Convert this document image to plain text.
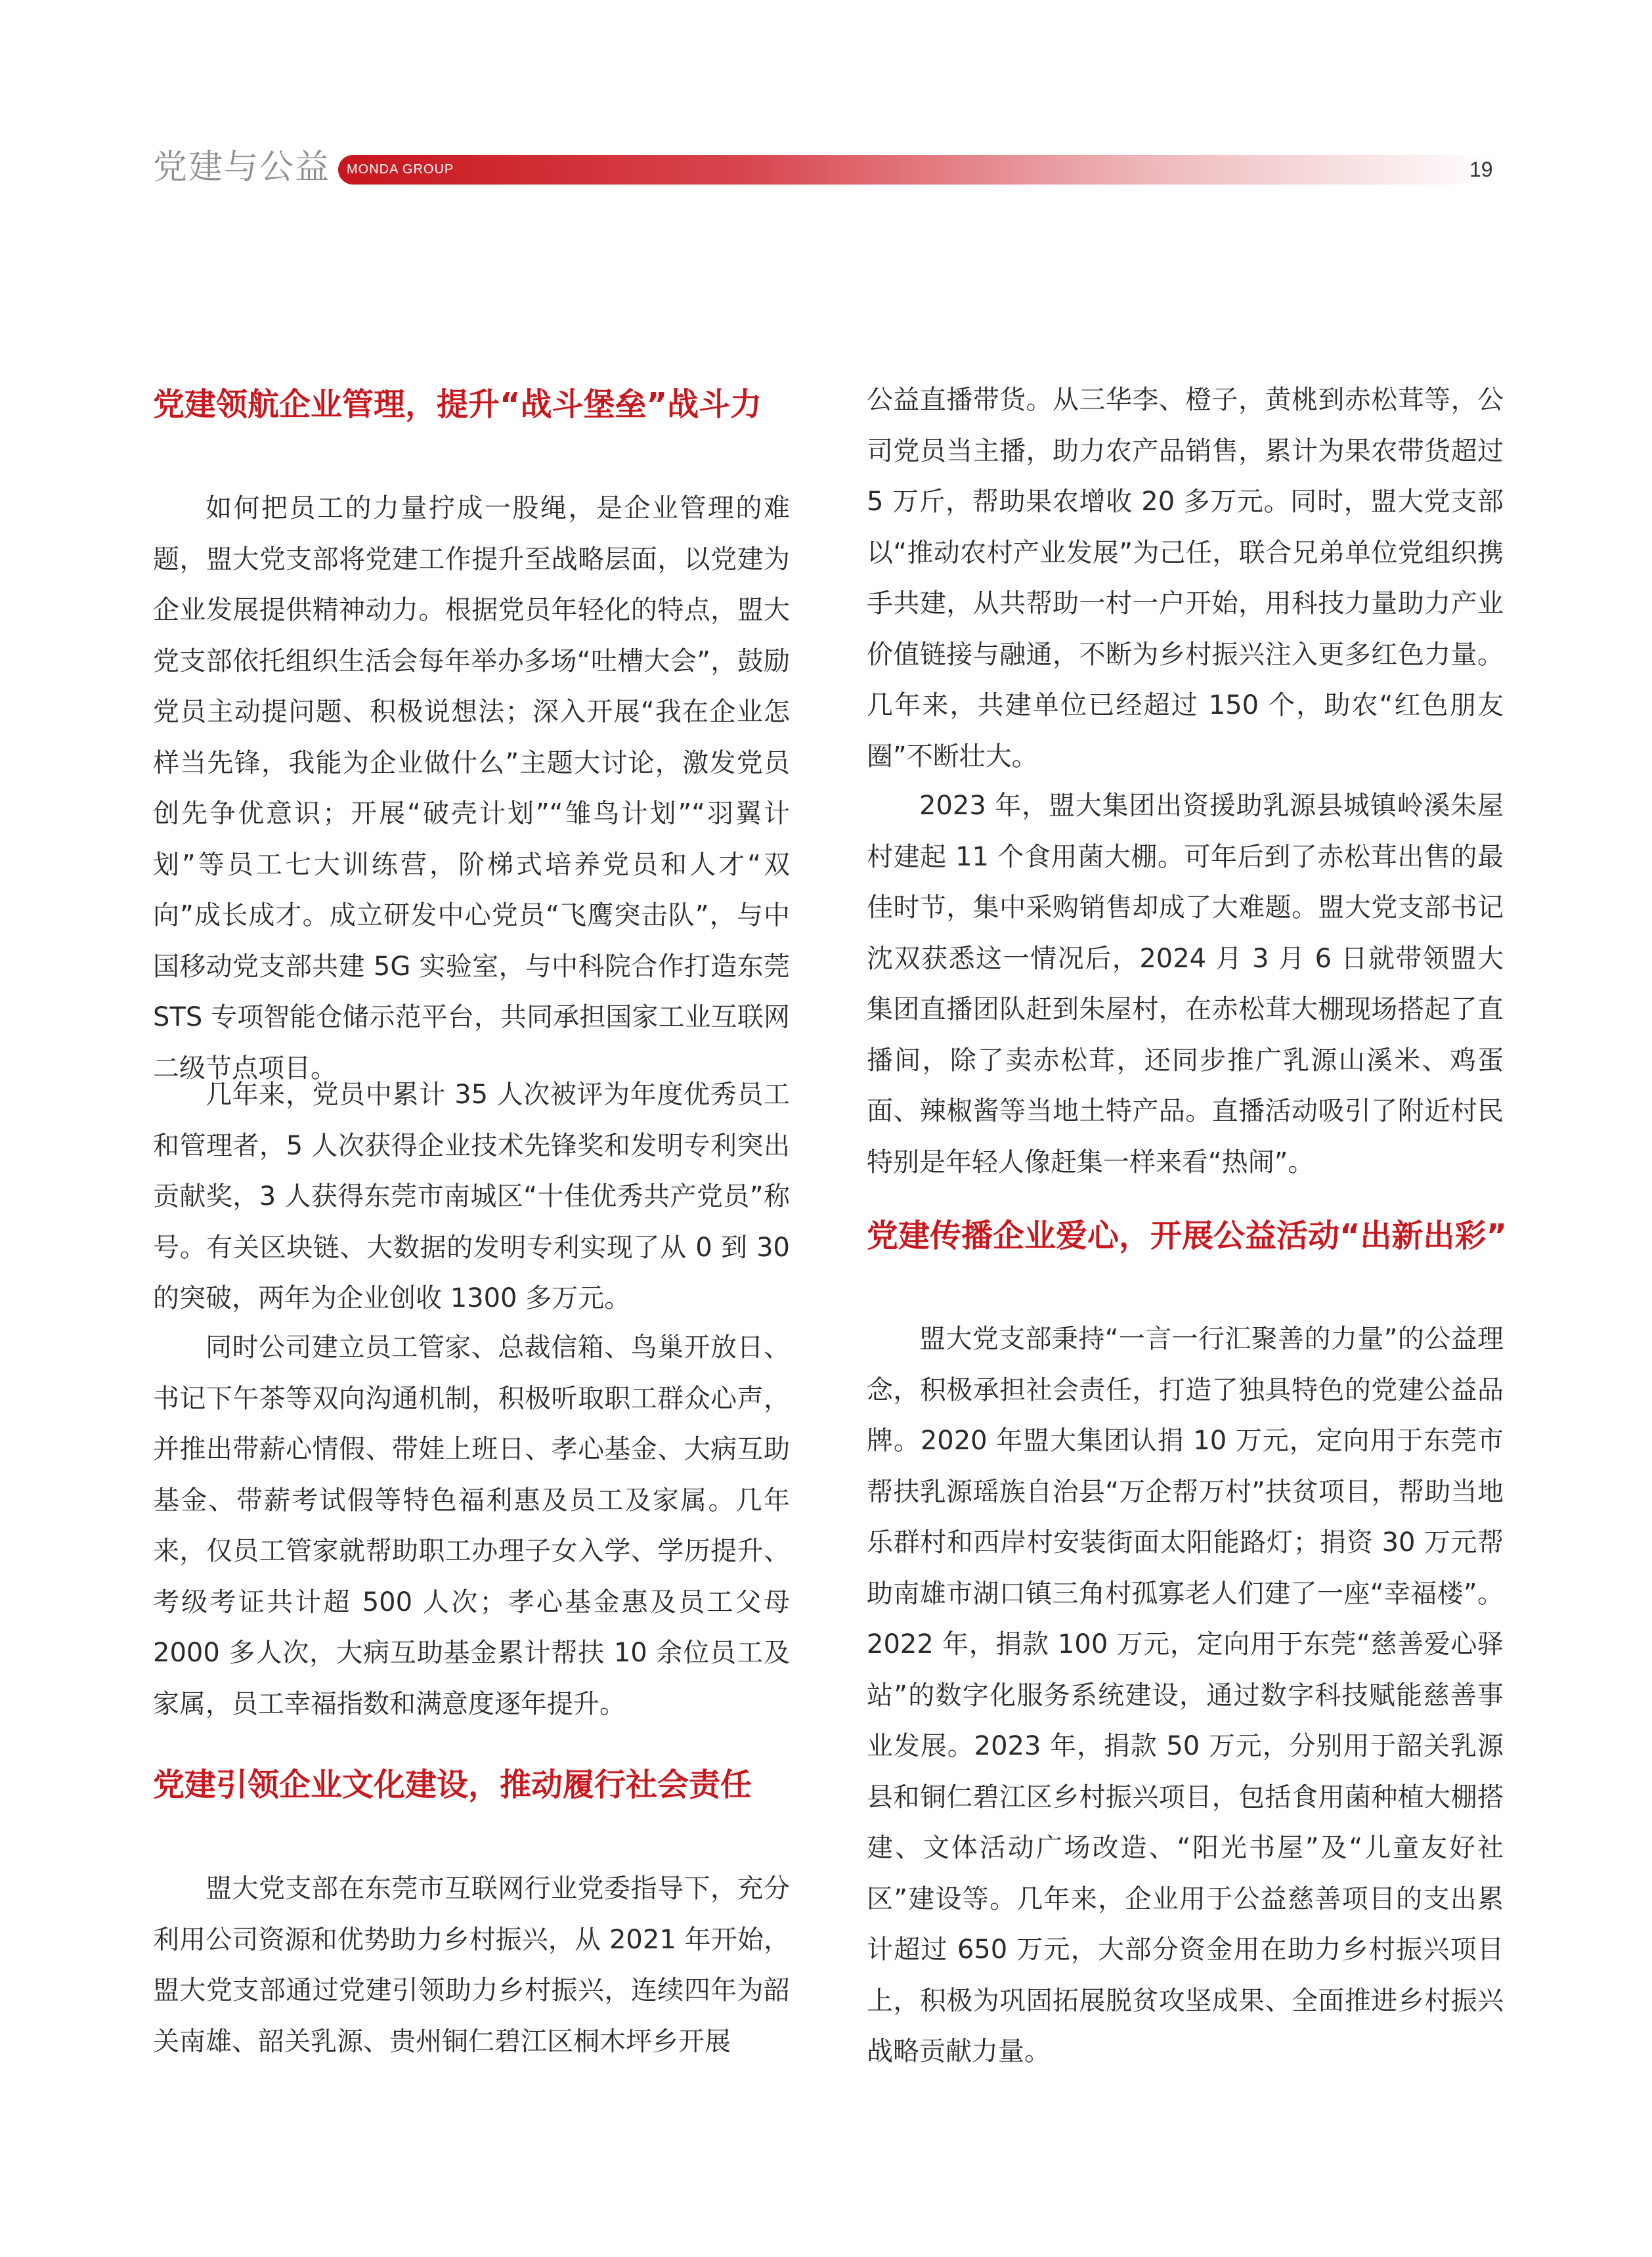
党建与公益 MONDA GROUP	19
党建领航企业管理，提升“战斗堡垒”战斗力
如何把员工的力量拧成一股绳，是企业管理的难题，盟大党支部将党建工作提升至战略层面，以党建为企业发展提供精神动力。根据党员年轻化的特点，盟大党支部依托组织生活会每年举办多场“吐槽大会”，鼓励党员主动提问题、积极说想法；深入开展“我在企业怎样当先锋，我能为企业做什么”主题大讨论，激发党员创先争优意识；开展“破壳计划”“雏鸟计划”“羽翼计划”等员工七大训练营，阶梯式培养党员和人才“双向”成长成才。成立研发中心党员“飞鹰突击队”，与中国移动党支部共建 5G 实验室，与中科院合作打造东莞 STS 专项智能仓储示范平台，共同承担国家工业互联网二级节点项目。
几年来，党员中累计 35 人次被评为年度优秀员工和管理者，5 人次获得企业技术先锋奖和发明专利突出贡献奖，3 人获得东莞市南城区“十佳优秀共产党员”称号。有关区块链、大数据的发明专利实现了从 0 到 30 的突破，两年为企业创收 1300 多万元。
同时公司建立员工管家、总裁信箱、鸟巢开放日、书记下午茶等双向沟通机制，积极听取职工群众心声，并推出带薪心情假、带娃上班日、孝心基金、大病互助基金、带薪考试假等特色福利惠及员工及家属。几年来，仅员工管家就帮助职工办理子女入学、学历提升、考级考证共计超 500 人次；孝心基金惠及员工父母 2000 多人次，大病互助基金累计帮扶 10 余位员工及家属，员工幸福指数和满意度逐年提升。
党建引领企业文化建设，推动履行社会责任
盟大党支部在东莞市互联网行业党委指导下，充分利用公司资源和优势助力乡村振兴，从 2021 年开始，盟大党支部通过党建引领助力乡村振兴，连续四年为韶关南雄、韶关乳源、贵州铜仁碧江区桐木坪乡开展
公益直播带货。从三华李、橙子，黄桃到赤松茸等，公司党员当主播，助力农产品销售，累计为果农带货超过 5 万斤，帮助果农增收 20 多万元。同时，盟大党支部以“推动农村产业发展”为己任，联合兄弟单位党组织携手共建，从共帮助一村一户开始，用科技力量助力产业价值链接与融通，不断为乡村振兴注入更多红色力量。几年来，共建单位已经超过 150 个，助农“红色朋友圈”不断壮大。
2023 年，盟大集团出资援助乳源县城镇岭溪朱屋村建起 11 个食用菌大棚。可年后到了赤松茸出售的最佳时节，集中采购销售却成了大难题。盟大党支部书记沈双获悉这一情况后，2024 月 3 月 6 日就带领盟大集团直播团队赶到朱屋村，在赤松茸大棚现场搭起了直播间，除了卖赤松茸，还同步推广乳源山溪米、鸡蛋面、辣椒酱等当地土特产品。直播活动吸引了附近村民特别是年轻人像赶集一样来看“热闹”。
党建传播企业爱心，开展公益活动“出新出彩”
盟大党支部秉持“一言一行汇聚善的力量”的公益理念，积极承担社会责任，打造了独具特色的党建公益品牌。2020 年盟大集团认捐 10 万元，定向用于东莞市帮扶乳源瑶族自治县“万企帮万村”扶贫项目，帮助当地乐群村和西岸村安装街面太阳能路灯；捐资 30 万元帮助南雄市湖口镇三角村孤寡老人们建了一座“幸福楼”。2022 年，捐款 100 万元，定向用于东莞“慈善爱心驿站”的数字化服务系统建设，通过数字科技赋能慈善事业发展。2023 年，捐款 50 万元，分别用于韶关乳源县和铜仁碧江区乡村振兴项目，包括食用菌种植大棚搭建、文体活动广场改造、“阳光书屋”及“儿童友好社区”建设等。几年来，企业用于公益慈善项目的支出累计超过 650 万元，大部分资金用在助力乡村振兴项目上，积极为巩固拓展脱贫攻坚成果、全面推进乡村振兴战略贡献力量。
